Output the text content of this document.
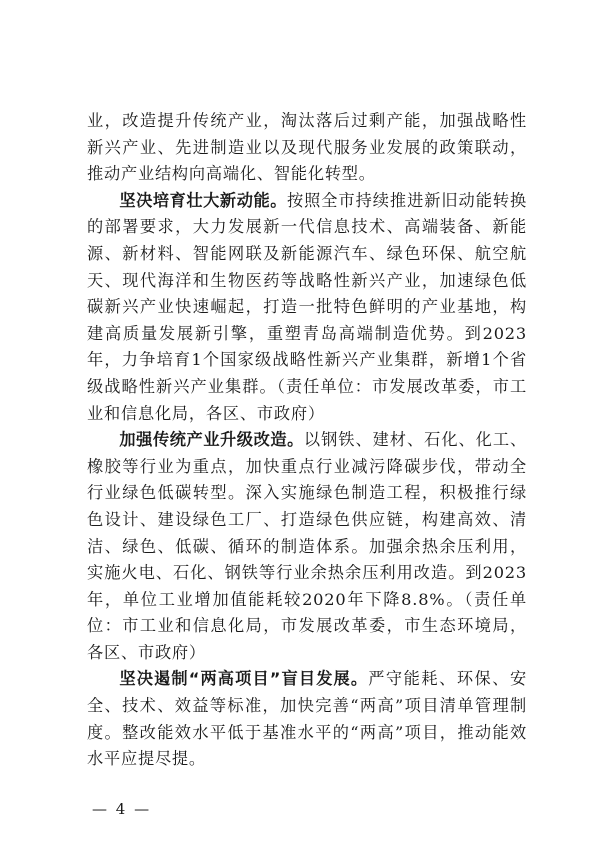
业，改造提升传统产业，淘汰落后过剩产能，加强战略性新兴产业、先进制造业以及现代服务业发展的政策联动，推动产业结构向高端化、智能化转型。

坚决培育壮大新动能。按照全市持续推进新旧动能转换的部署要求，大力发展新一代信息技术、高端装备、新能源、新材料、智能网联及新能源汽车、绿色环保、航空航天、现代海洋和生物医药等战略性新兴产业，加速绿色低碳新兴产业快速崛起，打造一批特色鲜明的产业基地，构建高质量发展新引擎，重塑青岛高端制造优势。到2023年，力争培育1个国家级战略性新兴产业集群，新增1个省级战略性新兴产业集群。（责任单位：市发展改革委，市工业和信息化局，各区、市政府）

加强传统产业升级改造。以钢铁、建材、石化、化工、橡胶等行业为重点，加快重点行业减污降碳步伐，带动全行业绿色低碳转型。深入实施绿色制造工程，积极推行绿色设计、建设绿色工厂、打造绿色供应链，构建高效、清洁、绿色、低碳、循环的制造体系。加强余热余压利用，实施火电、石化、钢铁等行业余热余压利用改造。到2023年，单位工业增加值能耗较2020年下降8.8%。（责任单位：市工业和信息化局，市发展改革委，市生态环境局，各区、市政府）

坚决遏制“两高项目”盲目发展。严守能耗、环保、安全、技术、效益等标准，加快完善“两高”项目清单管理制度。整改能效水平低于基准水平的“两高”项目，推动能效水平应提尽提。

— 4 —
